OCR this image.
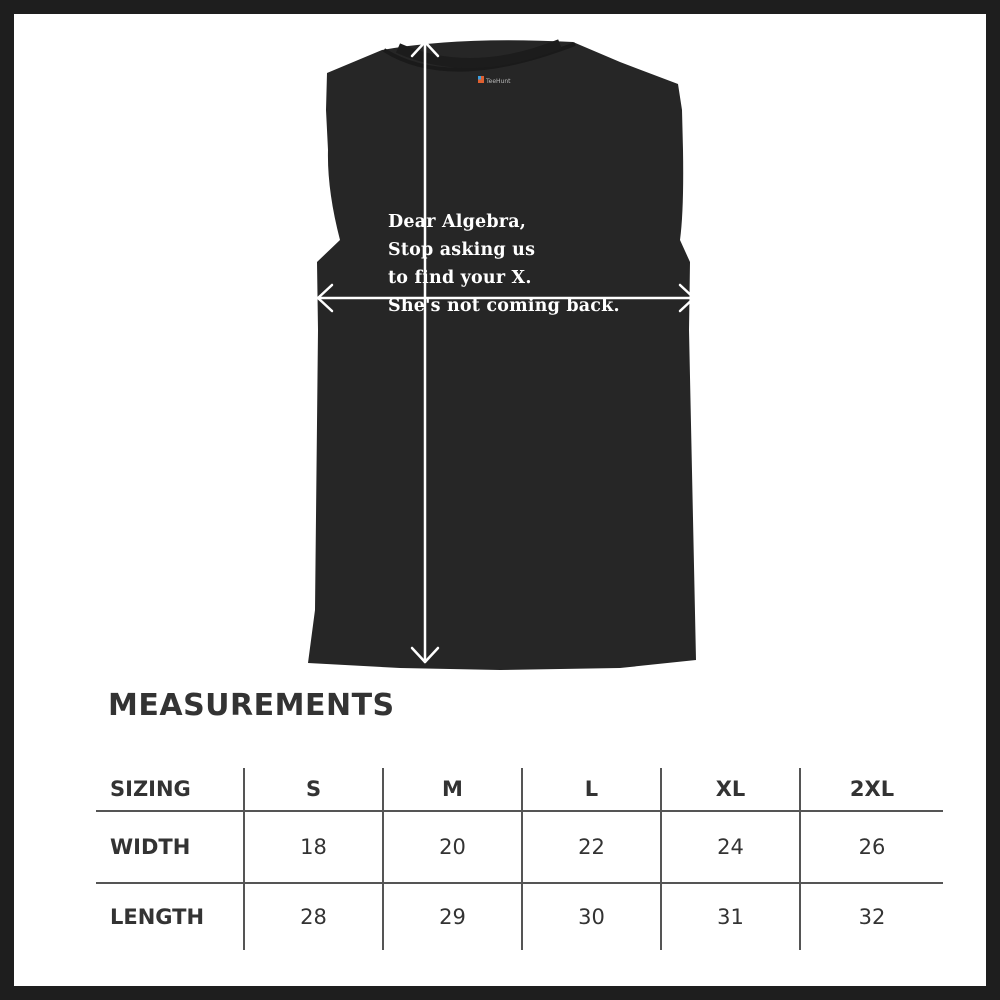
TeeHunt
Dear Algebra,
Stop asking us
to find your X.
She's not coming back.
MEASUREMENTS
SIZING	S	M	L	XL	2XL
WIDTH	18	20	22	24	26
LENGTH	28	29	30	31	32
